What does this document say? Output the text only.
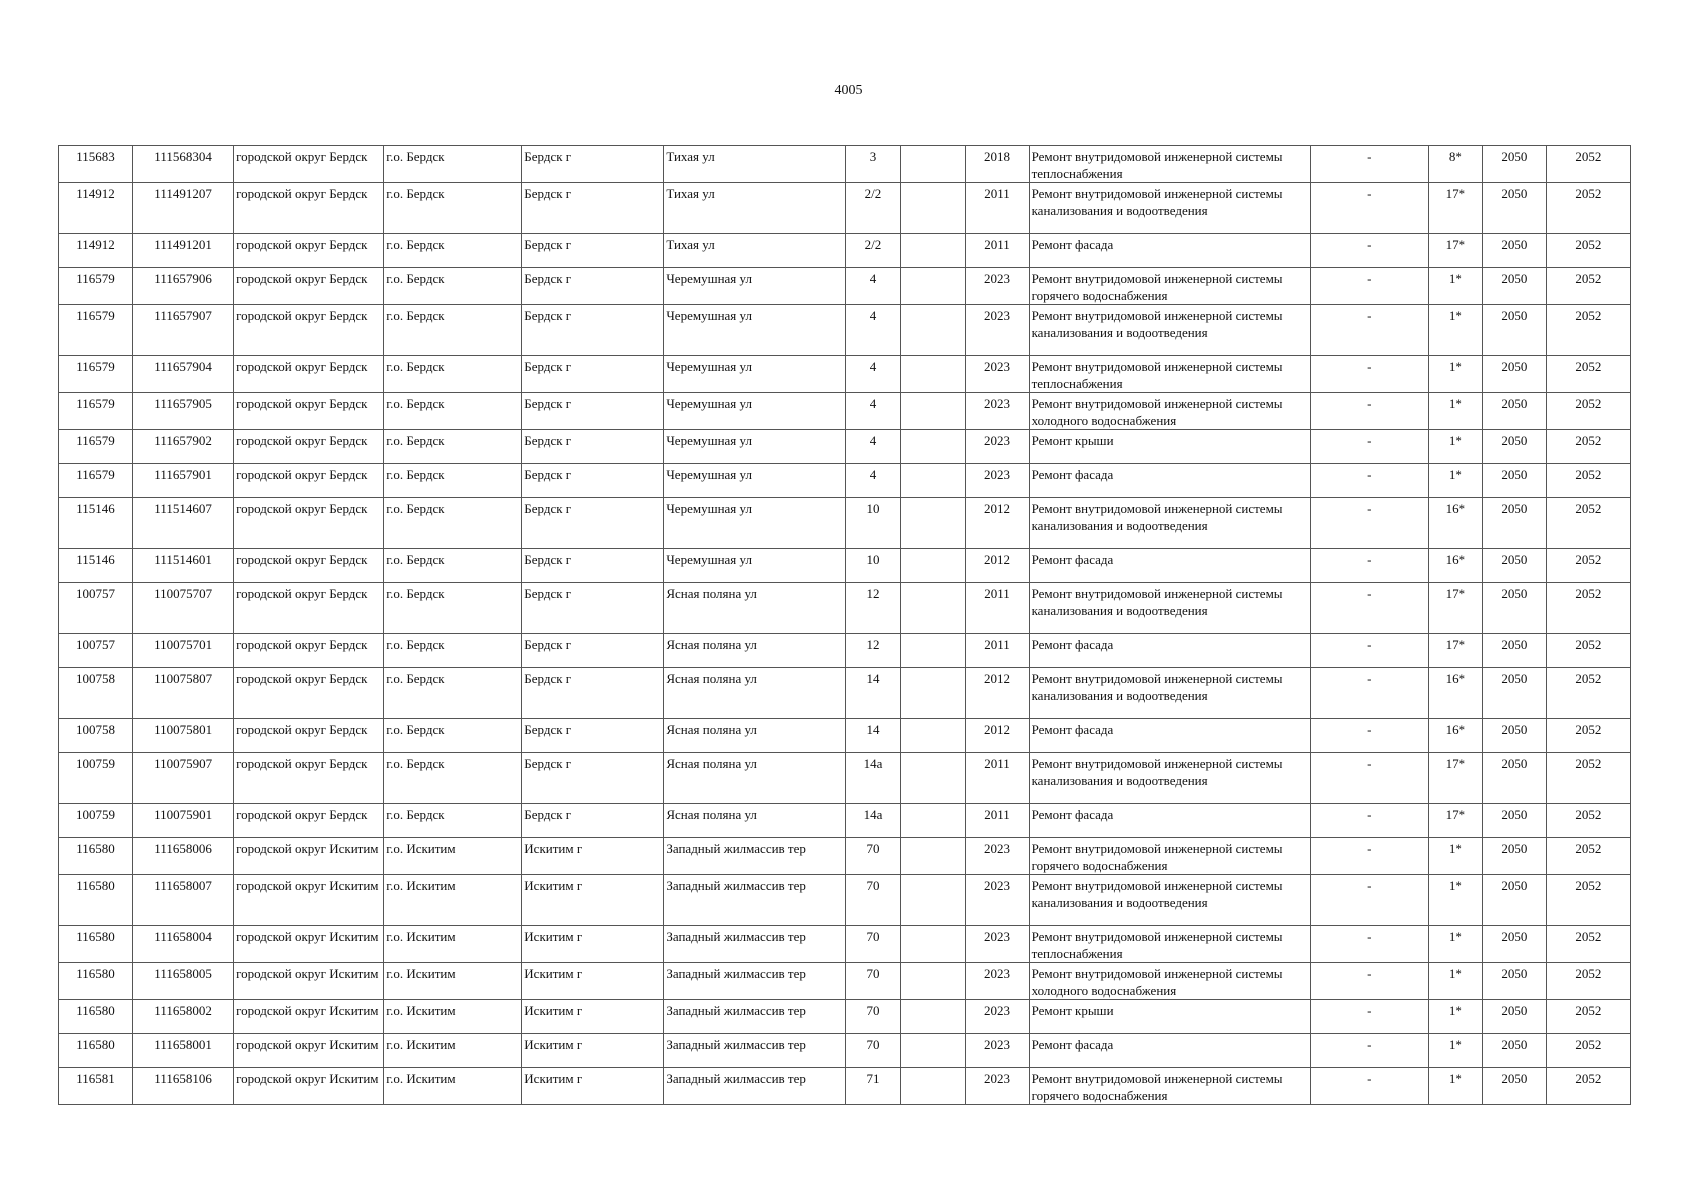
4005
115683	111568304	городской округ Бердск	г.о. Бердск	Бердск г	Тихая ул	3		2018	Ремонт внутридомовой инженерной системы теплоснабжения	-	8*	2050	2052
114912	111491207	городской округ Бердск	г.о. Бердск	Бердск г	Тихая ул	2/2		2011	Ремонт внутридомовой инженерной системы канализования и водоотведения	-	17*	2050	2052
114912	111491201	городской округ Бердск	г.о. Бердск	Бердск г	Тихая ул	2/2		2011	Ремонт фасада	-	17*	2050	2052
116579	111657906	городской округ Бердск	г.о. Бердск	Бердск г	Черемушная ул	4		2023	Ремонт внутридомовой инженерной системы горячего водоснабжения	-	1*	2050	2052
116579	111657907	городской округ Бердск	г.о. Бердск	Бердск г	Черемушная ул	4		2023	Ремонт внутридомовой инженерной системы канализования и водоотведения	-	1*	2050	2052
116579	111657904	городской округ Бердск	г.о. Бердск	Бердск г	Черемушная ул	4		2023	Ремонт внутридомовой инженерной системы теплоснабжения	-	1*	2050	2052
116579	111657905	городской округ Бердск	г.о. Бердск	Бердск г	Черемушная ул	4		2023	Ремонт внутридомовой инженерной системы холодного водоснабжения	-	1*	2050	2052
116579	111657902	городской округ Бердск	г.о. Бердск	Бердск г	Черемушная ул	4		2023	Ремонт крыши	-	1*	2050	2052
116579	111657901	городской округ Бердск	г.о. Бердск	Бердск г	Черемушная ул	4		2023	Ремонт фасада	-	1*	2050	2052
115146	111514607	городской округ Бердск	г.о. Бердск	Бердск г	Черемушная ул	10		2012	Ремонт внутридомовой инженерной системы канализования и водоотведения	-	16*	2050	2052
115146	111514601	городской округ Бердск	г.о. Бердск	Бердск г	Черемушная ул	10		2012	Ремонт фасада	-	16*	2050	2052
100757	110075707	городской округ Бердск	г.о. Бердск	Бердск г	Ясная поляна ул	12		2011	Ремонт внутридомовой инженерной системы канализования и водоотведения	-	17*	2050	2052
100757	110075701	городской округ Бердск	г.о. Бердск	Бердск г	Ясная поляна ул	12		2011	Ремонт фасада	-	17*	2050	2052
100758	110075807	городской округ Бердск	г.о. Бердск	Бердск г	Ясная поляна ул	14		2012	Ремонт внутридомовой инженерной системы канализования и водоотведения	-	16*	2050	2052
100758	110075801	городской округ Бердск	г.о. Бердск	Бердск г	Ясная поляна ул	14		2012	Ремонт фасада	-	16*	2050	2052
100759	110075907	городской округ Бердск	г.о. Бердск	Бердск г	Ясная поляна ул	14а		2011	Ремонт внутридомовой инженерной системы канализования и водоотведения	-	17*	2050	2052
100759	110075901	городской округ Бердск	г.о. Бердск	Бердск г	Ясная поляна ул	14а		2011	Ремонт фасада	-	17*	2050	2052
116580	111658006	городской округ Искитим	г.о. Искитим	Искитим г	Западный жилмассив тер	70		2023	Ремонт внутридомовой инженерной системы горячего водоснабжения	-	1*	2050	2052
116580	111658007	городской округ Искитим	г.о. Искитим	Искитим г	Западный жилмассив тер	70		2023	Ремонт внутридомовой инженерной системы канализования и водоотведения	-	1*	2050	2052
116580	111658004	городской округ Искитим	г.о. Искитим	Искитим г	Западный жилмассив тер	70		2023	Ремонт внутридомовой инженерной системы теплоснабжения	-	1*	2050	2052
116580	111658005	городской округ Искитим	г.о. Искитим	Искитим г	Западный жилмассив тер	70		2023	Ремонт внутридомовой инженерной системы холодного водоснабжения	-	1*	2050	2052
116580	111658002	городской округ Искитим	г.о. Искитим	Искитим г	Западный жилмассив тер	70		2023	Ремонт крыши	-	1*	2050	2052
116580	111658001	городской округ Искитим	г.о. Искитим	Искитим г	Западный жилмассив тер	70		2023	Ремонт фасада	-	1*	2050	2052
116581	111658106	городской округ Искитим	г.о. Искитим	Искитим г	Западный жилмассив тер	71		2023	Ремонт внутридомовой инженерной системы горячего водоснабжения	-	1*	2050	2052
